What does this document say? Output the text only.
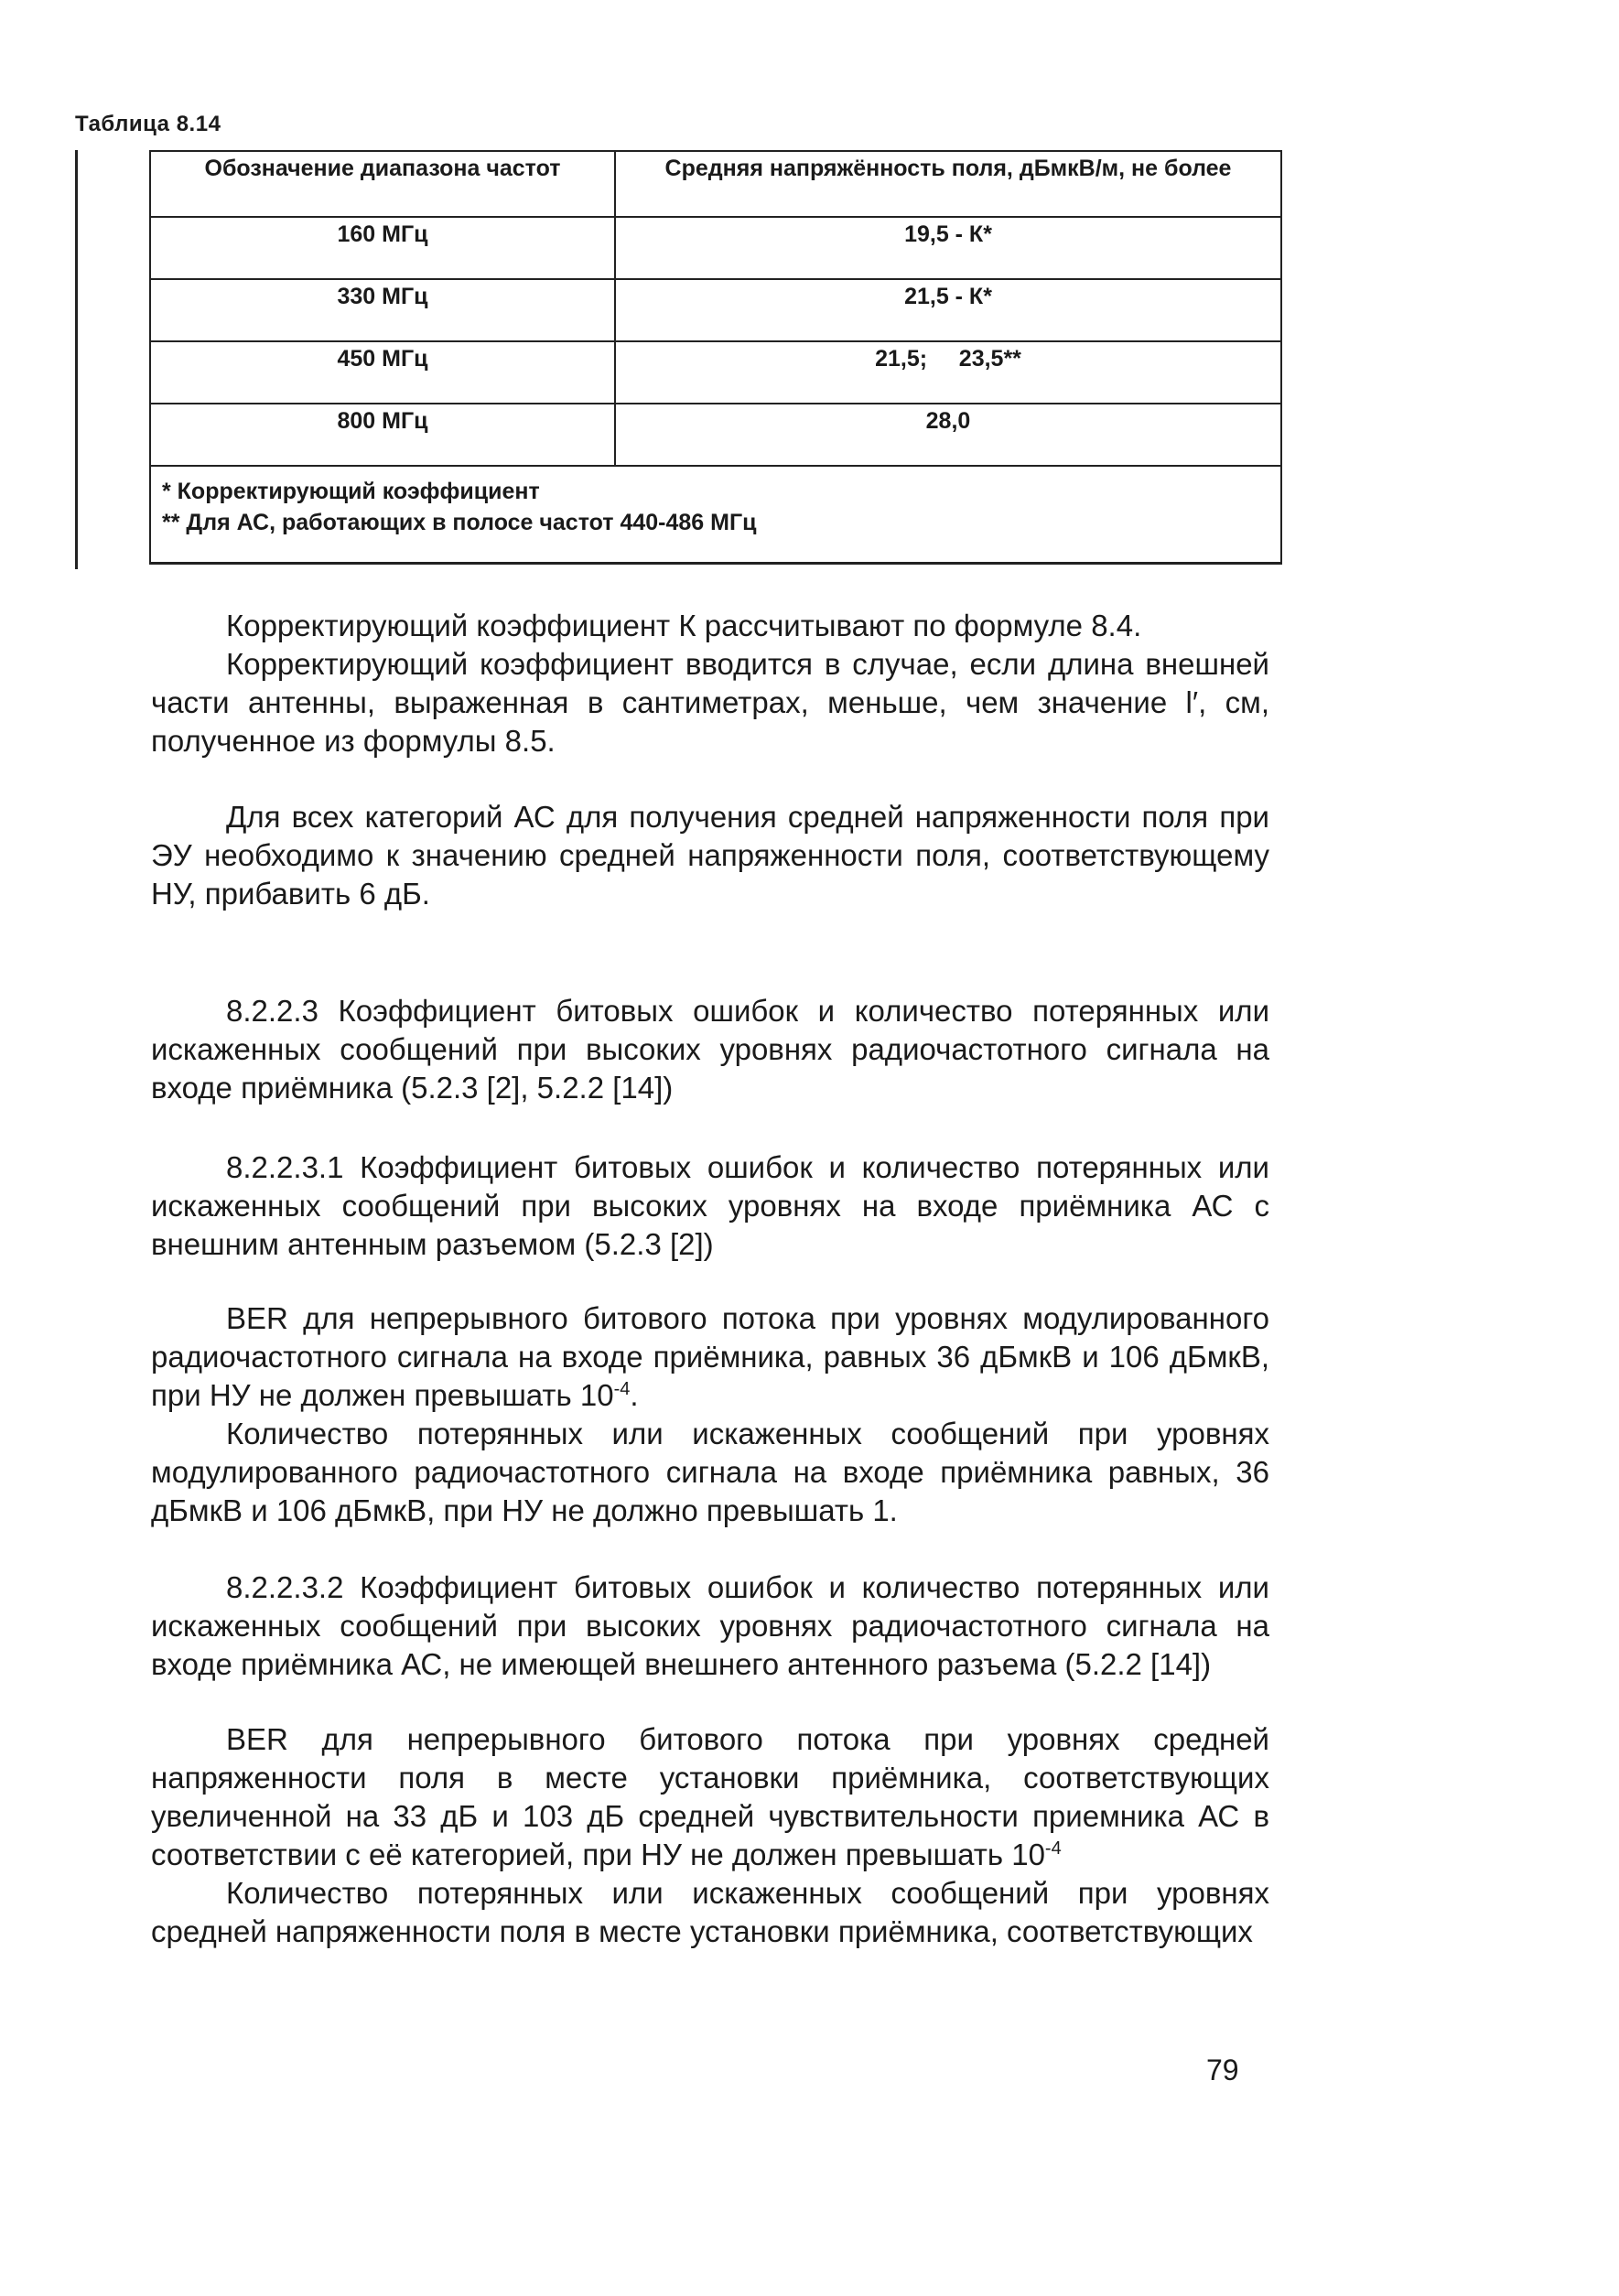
Таблица 8.14
Обозначение диапазона частот	Средняя напряжённость поля, дБмкВ/м, не более
160 МГц	19,5 - К*
330 МГц	21,5 - К*
450 МГц	21,5;     23,5**
800 МГц	28,0

* Корректирующий коэффициент
** Для АС, работающих в полосе частот 440-486 МГц	

Корректирующий коэффициент К рассчитывают по формуле 8.4.

Корректирующий коэффициент вводится в случае, если длина внешней части антенны, выраженная в сантиметрах, меньше, чем значение l′, см, полученное из формулы 8.5.

Для всех категорий АС для получения средней напряженности поля при ЭУ необходимо к значению средней напряженности поля, соответствующему НУ, прибавить 6 дБ.

8.2.2.3 Коэффициент битовых ошибок и количество потерянных или искаженных сообщений при высоких уровнях радиочастотного сигнала на входе приёмника (5.2.3 [2], 5.2.2 [14])

8.2.2.3.1 Коэффициент битовых ошибок и количество потерянных или искаженных сообщений при высоких уровнях на входе приёмника АС с внешним антенным разъемом (5.2.3 [2])

BER для непрерывного битового потока при уровнях модулированного радиочастотного сигнала на входе приёмника, равных 36 дБмкВ и 106 дБмкВ, при НУ не должен превышать $10^{-4}$.

Количество потерянных или искаженных сообщений при уровнях модулированного радиочастотного сигнала на входе приёмника равных, 36 дБмкВ и 106 дБмкВ, при НУ не должно превышать 1.

8.2.2.3.2 Коэффициент битовых ошибок и количество потерянных или искаженных сообщений при высоких уровнях радиочастотного сигнала на входе приёмника АС, не имеющей внешнего антенного разъема (5.2.2 [14])

BER для непрерывного битового потока при уровнях средней напряженности поля в месте установки приёмника, соответствующих увеличенной на 33 дБ и 103 дБ средней чувствительности приемника АС в соответствии с её категорией, при НУ не должен превышать $10^{-4}$

Количество потерянных или искаженных сообщений при уровнях средней напряженности поля в месте установки приёмника, соответствующих

79
